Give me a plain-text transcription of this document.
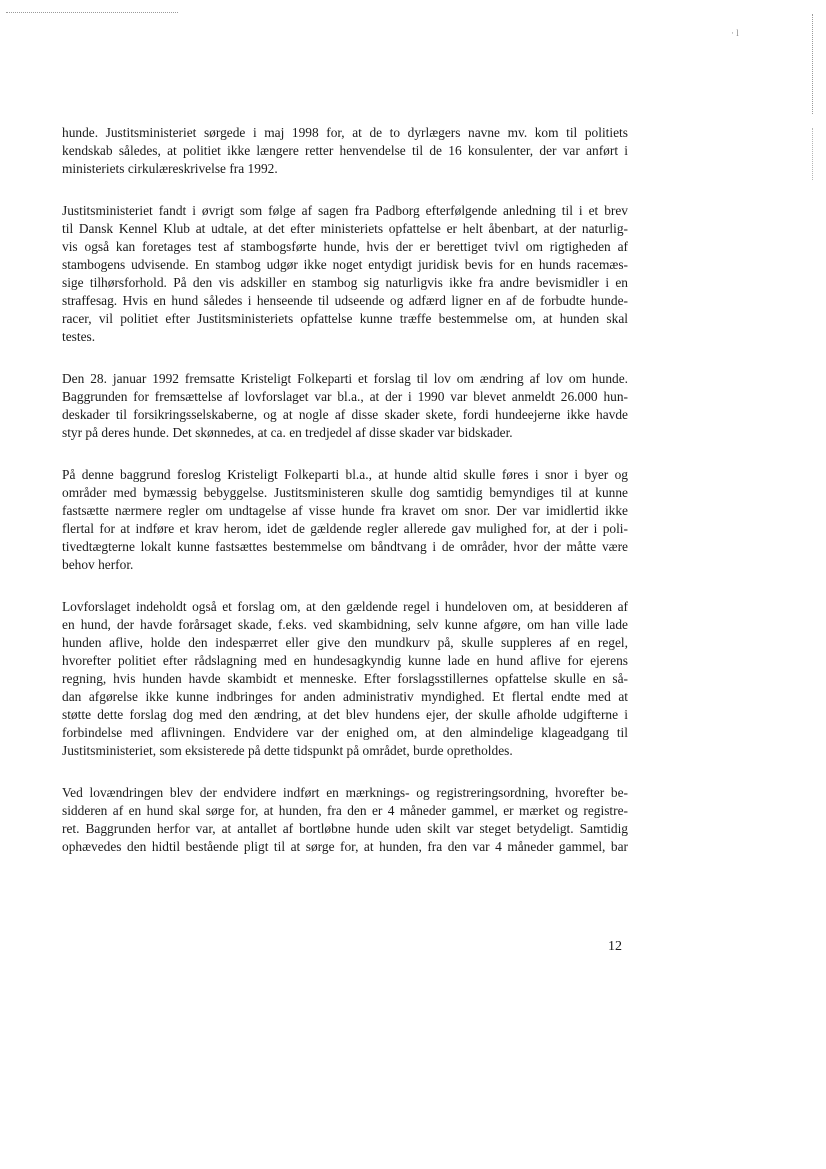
· l

hunde. Justitsministeriet sørgede i maj 1998 for, at de to dyrlægers navne mv. kom til politiets
kendskab således, at politiet ikke længere retter henvendelse til de 16 konsulenter, der var anført i
ministeriets cirkulæreskrivelse fra 1992.

Justitsministeriet fandt i øvrigt som følge af sagen fra Padborg efterfølgende anledning til i et brev
til Dansk Kennel Klub at udtale, at det efter ministeriets opfattelse er helt åbenbart, at der naturlig-
vis også kan foretages test af stambogsførte hunde, hvis der er berettiget tvivl om rigtigheden af
stambogens udvisende. En stambog udgør ikke noget entydigt juridisk bevis for en hunds racemæs-
sige tilhørsforhold. På den vis adskiller en stambog sig naturligvis ikke fra andre bevismidler i en
straffesag. Hvis en hund således i henseende til udseende og adfærd ligner en af de forbudte hunde-
racer, vil politiet efter Justitsministeriets opfattelse kunne træffe bestemmelse om, at hunden skal
testes.

Den 28. januar 1992 fremsatte Kristeligt Folkeparti et forslag til lov om ændring af lov om hunde.
Baggrunden for fremsættelse af lovforslaget var bl.a., at der i 1990 var blevet anmeldt 26.000 hun-
deskader til forsikringsselskaberne, og at nogle af disse skader skete, fordi hundeejerne ikke havde
styr på deres hunde. Det skønnedes, at ca. en tredjedel af disse skader var bidskader.

På denne baggrund foreslog Kristeligt Folkeparti bl.a., at hunde altid skulle føres i snor i byer og
områder med bymæssig bebyggelse. Justitsministeren skulle dog samtidig bemyndiges til at kunne
fastsætte nærmere regler om undtagelse af visse hunde fra kravet om snor. Der var imidlertid ikke
flertal for at indføre et krav herom, idet de gældende regler allerede gav mulighed for, at der i poli-
tivedtægterne lokalt kunne fastsættes bestemmelse om båndtvang i de områder, hvor der måtte være
behov herfor.

Lovforslaget indeholdt også et forslag om, at den gældende regel i hundeloven om, at besidderen af
en hund, der havde forårsaget skade, f.eks. ved skambidning, selv kunne afgøre, om han ville lade
hunden aflive, holde den indespærret eller give den mundkurv på, skulle suppleres af en regel,
hvorefter politiet efter rådslagning med en hundesagkyndig kunne lade en hund aflive for ejerens
regning, hvis hunden havde skambidt et menneske. Efter forslagsstillernes opfattelse skulle en så-
dan afgørelse ikke kunne indbringes for anden administrativ myndighed. Et flertal endte med at
støtte dette forslag dog med den ændring, at det blev hundens ejer, der skulle afholde udgifterne i
forbindelse med aflivningen. Endvidere var der enighed om, at den almindelige klageadgang til
Justitsministeriet, som eksisterede på dette tidspunkt på området, burde opretholdes.

Ved lovændringen blev der endvidere indført en mærknings- og registreringsordning, hvorefter be-
sidderen af en hund skal sørge for, at hunden, fra den er 4 måneder gammel, er mærket og registre-
ret. Baggrunden herfor var, at antallet af bortløbne hunde uden skilt var steget betydeligt. Samtidig
ophævedes den hidtil bestående pligt til at sørge for, at hunden, fra den var 4 måneder gammel, bar

12
